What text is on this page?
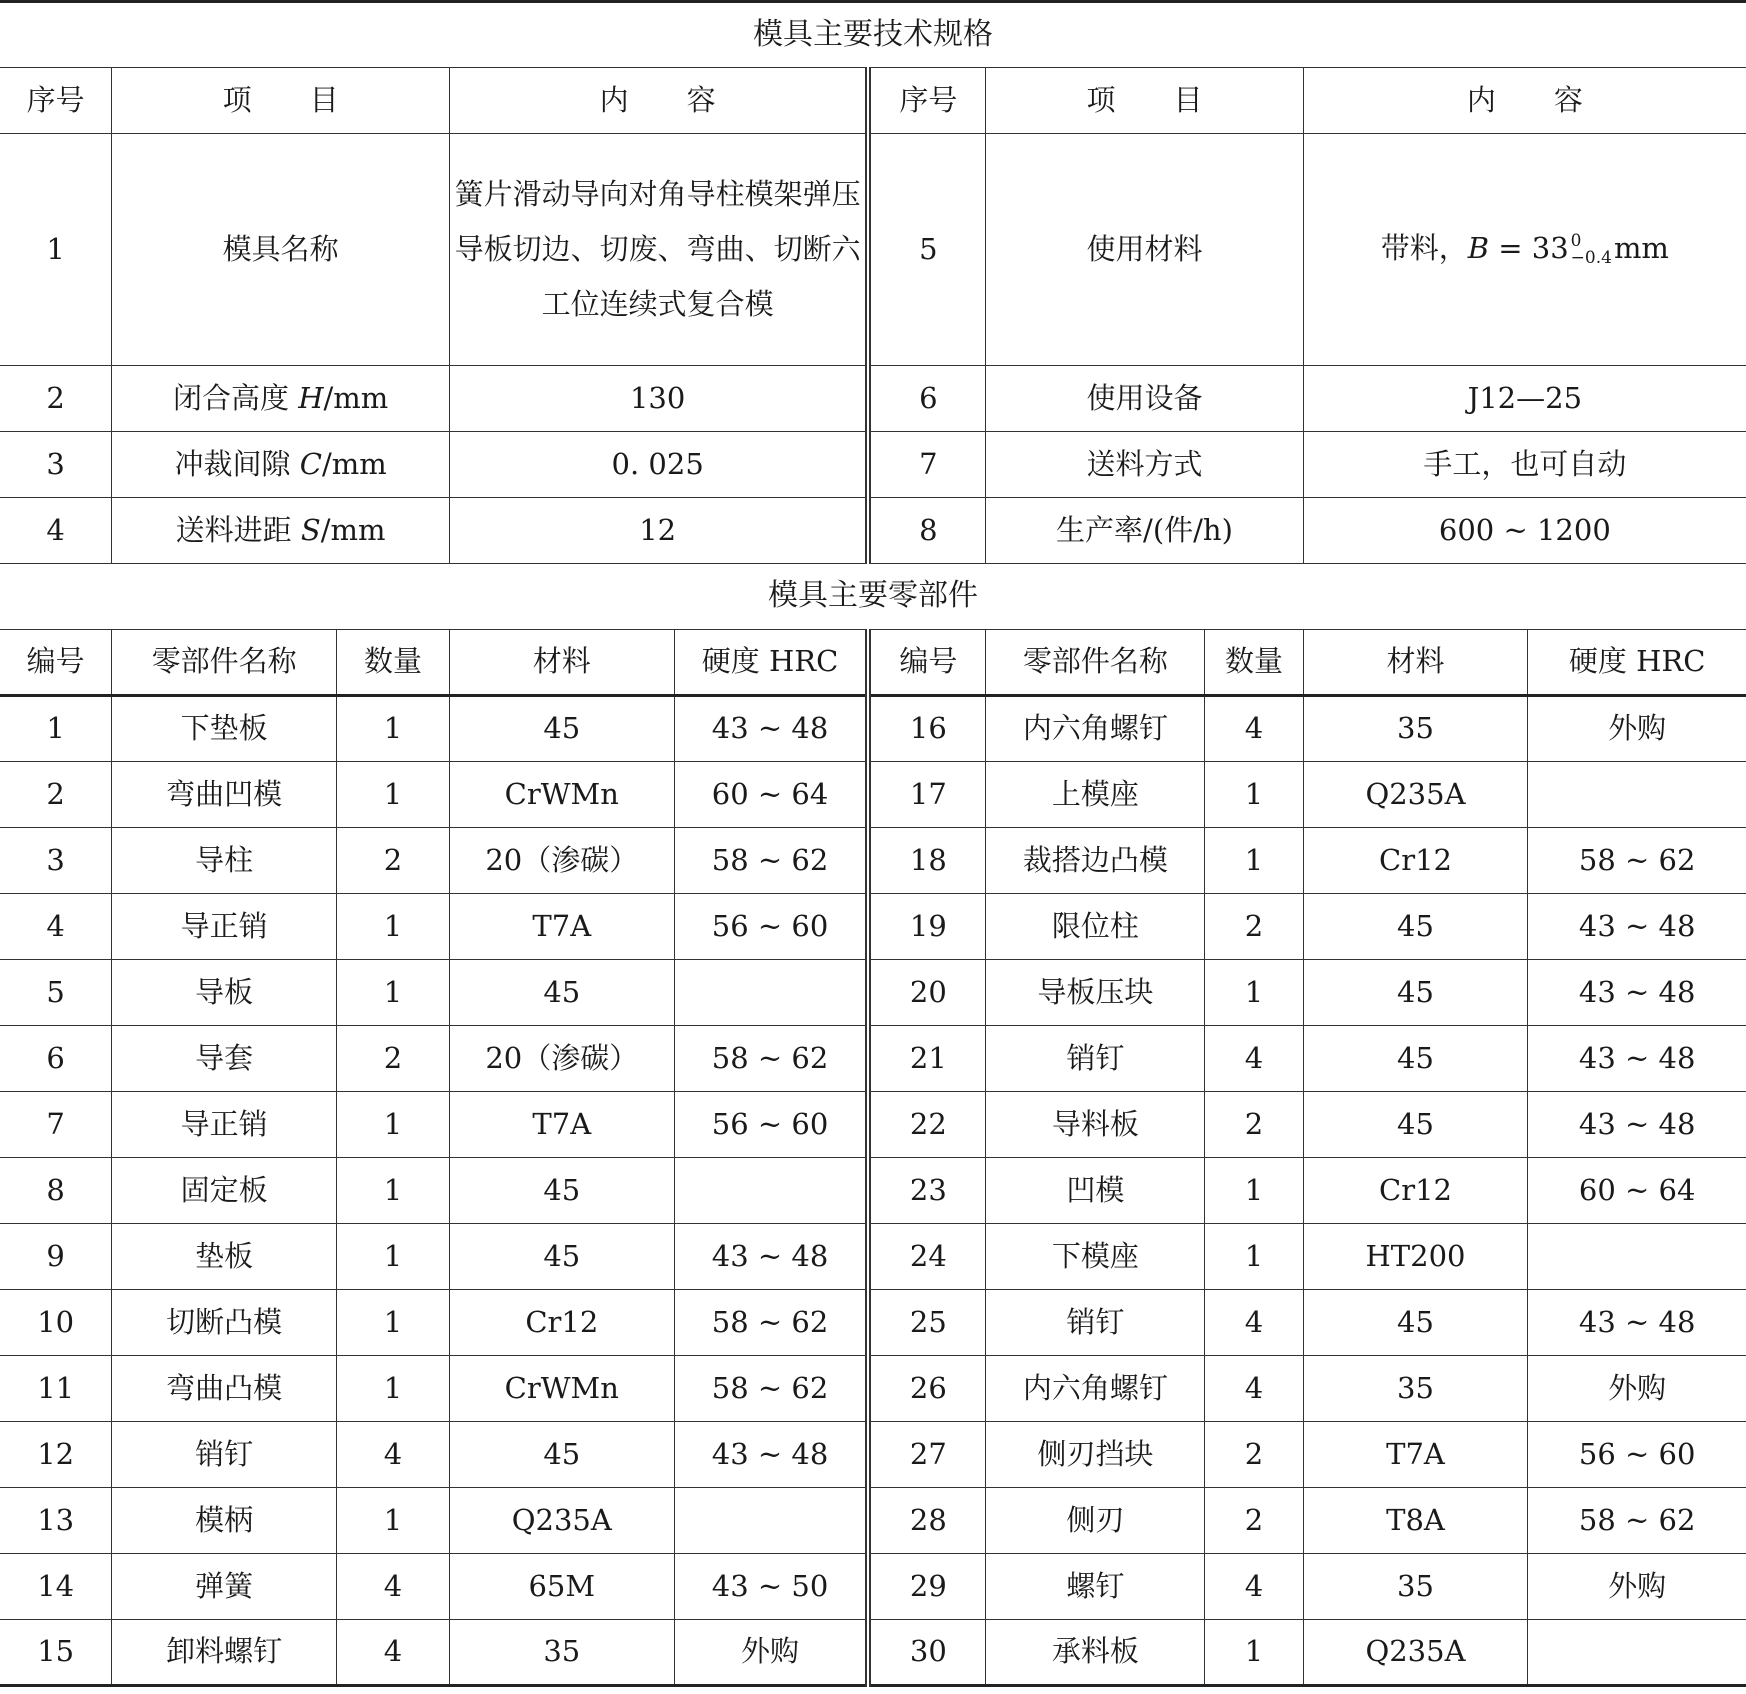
模具主要技术规格									
序号	项　　目		内　　容		序号	项　　目		内　　容	
1	模具名称		簧片滑动导向对角导柱模架弹压导板切边、切废、弯曲、切断六工位连续式复合模		5	使用材料		带料，B = 33 0
−0.4 mm	
2	闭合高度 H/mm		130		6	使用设备		J12—25	
3	冲裁间隙 C/mm		0. 025		7	送料方式		手工，也可自动	
4	送料进距 S/mm		12		8	生产率/(件/h)		600 ~ 1200	
模具主要零部件									
编号	零部件名称	数量	材料	硬度 HRC	编号	零部件名称	数量	材料	硬度 HRC
1	下垫板	1	45	43 ~ 48	16	内六角螺钉	4	35	外购
2	弯曲凹模	1	CrWMn	60 ~ 64	17	上模座	1	Q235A	
3	导柱	2	20（渗碳）	58 ~ 62	18	裁搭边凸模	1	Cr12	58 ~ 62
4	导正销	1	T7A	56 ~ 60	19	限位柱	2	45	43 ~ 48
5	导板	1	45		20	导板压块	1	45	43 ~ 48
6	导套	2	20（渗碳）	58 ~ 62	21	销钉	4	45	43 ~ 48
7	导正销	1	T7A	56 ~ 60	22	导料板	2	45	43 ~ 48
8	固定板	1	45		23	凹模	1	Cr12	60 ~ 64
9	垫板	1	45	43 ~ 48	24	下模座	1	HT200	
10	切断凸模	1	Cr12	58 ~ 62	25	销钉	4	45	43 ~ 48
11	弯曲凸模	1	CrWMn	58 ~ 62	26	内六角螺钉	4	35	外购
12	销钉	4	45	43 ~ 48	27	侧刃挡块	2	T7A	56 ~ 60
13	模柄	1	Q235A		28	侧刃	2	T8A	58 ~ 62
14	弹簧	4	65M	43 ~ 50	29	螺钉	4	35	外购
15	卸料螺钉	4	35	外购	30	承料板	1	Q235A	
